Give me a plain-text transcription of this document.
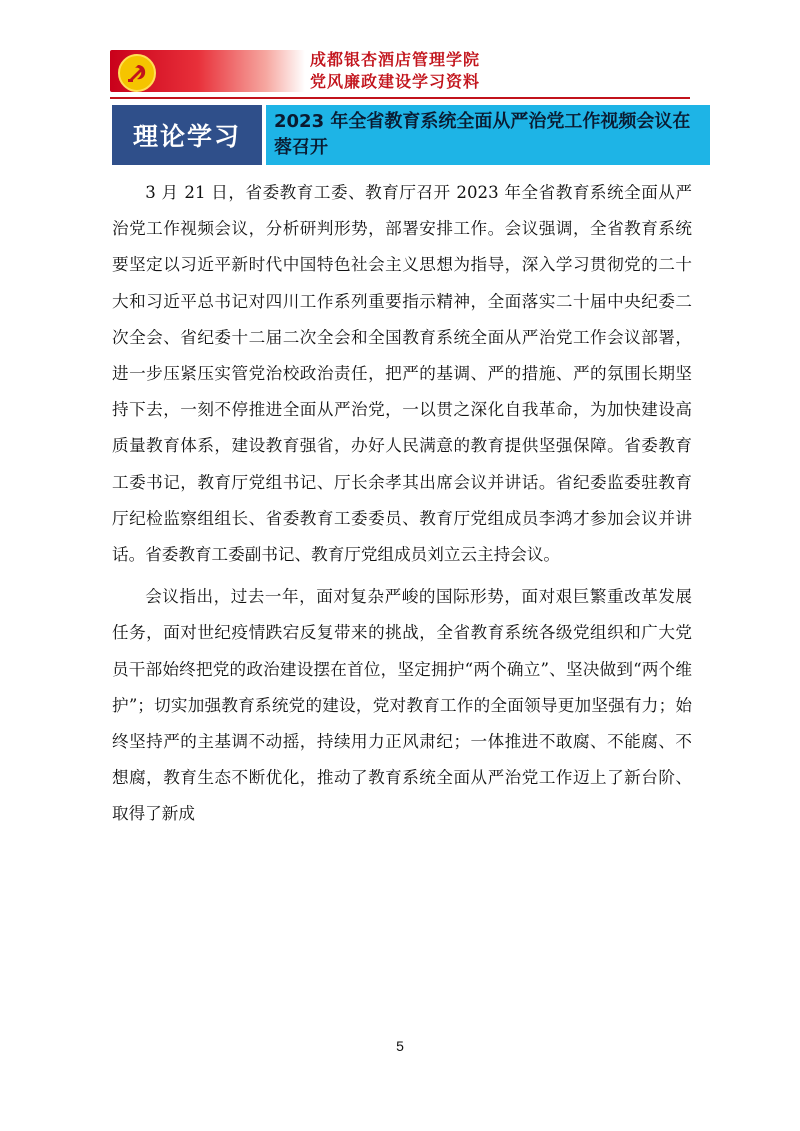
成都银杏酒店管理学院
党风廉政建设学习资料
理论学习
2023 年全省教育系统全面从严治党工作视频会议在蓉召开

3 月 21 日，省委教育工委、教育厅召开 2023 年全省教育系统全面从严治党工作视频会议，分析研判形势，部署安排工作。会议强调，全省教育系统要坚定以习近平新时代中国特色社会主义思想为指导，深入学习贯彻党的二十大和习近平总书记对四川工作系列重要指示精神，全面落实二十届中央纪委二次全会、省纪委十二届二次全会和全国教育系统全面从严治党工作会议部署，进一步压紧压实管党治校政治责任，把严的基调、严的措施、严的氛围长期坚持下去，一刻不停推进全面从严治党，一以贯之深化自我革命，为加快建设高质量教育体系，建设教育强省，办好人民满意的教育提供坚强保障。省委教育工委书记，教育厅党组书记、厅长余孝其出席会议并讲话。省纪委监委驻教育厅纪检监察组组长、省委教育工委委员、教育厅党组成员李鸿才参加会议并讲话。省委教育工委副书记、教育厅党组成员刘立云主持会议。

会议指出，过去一年，面对复杂严峻的国际形势，面对艰巨繁重改革发展任务，面对世纪疫情跌宕反复带来的挑战，全省教育系统各级党组织和广大党员干部始终把党的政治建设摆在首位，坚定拥护“两个确立”、坚决做到“两个维护”；切实加强教育系统党的建设，党对教育工作的全面领导更加坚强有力；始终坚持严的主基调不动摇，持续用力正风肃纪；一体推进不敢腐、不能腐、不想腐，教育生态不断优化，推动了教育系统全面从严治党工作迈上了新台阶、取得了新成

5
